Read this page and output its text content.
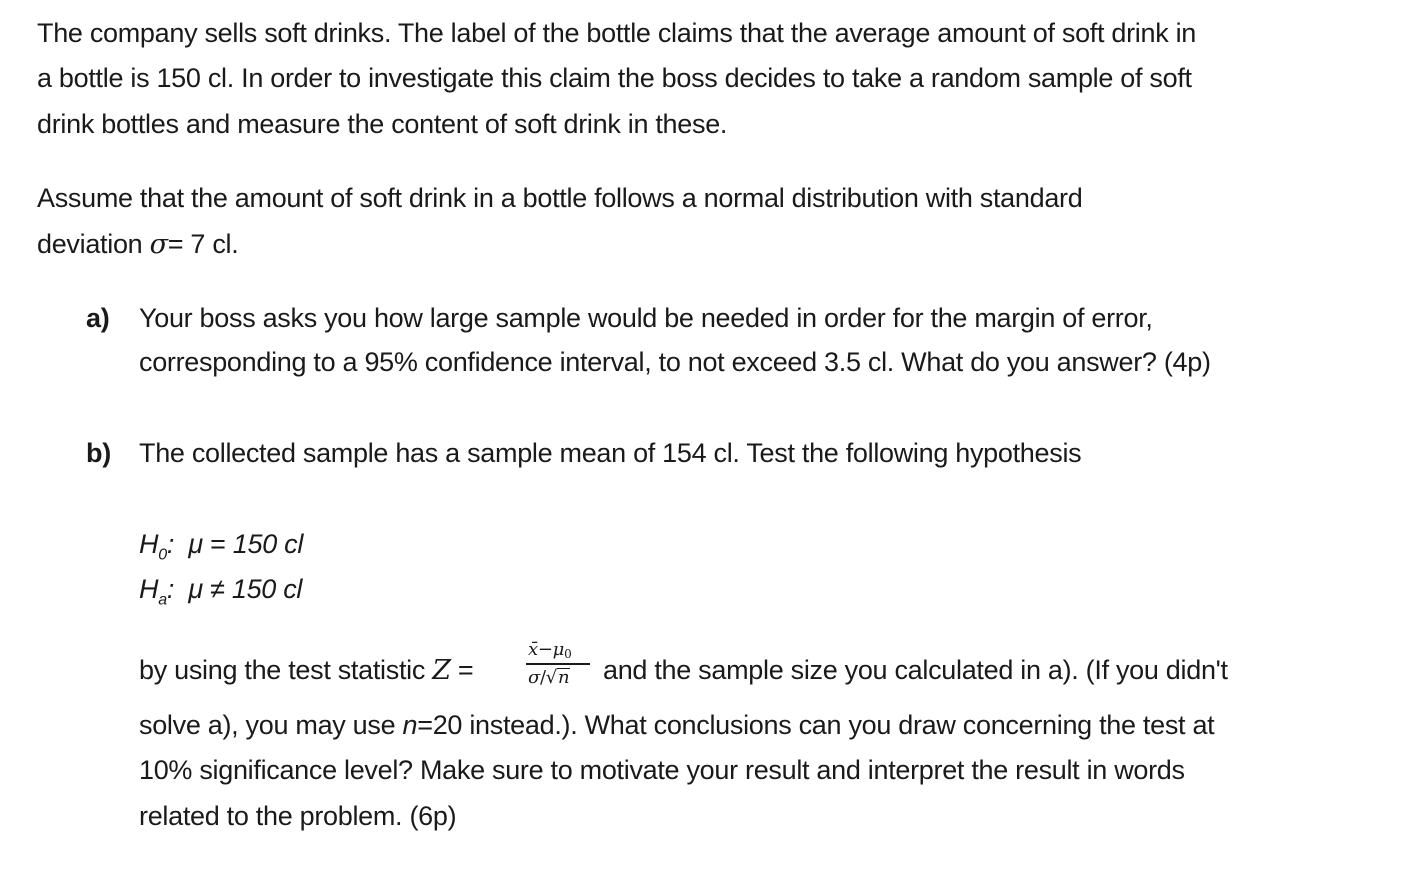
The company sells soft drinks. The label of the bottle claims that the average amount of soft drink in
a bottle is 150 cl. In order to investigate this claim the boss decides to take a random sample of soft
drink bottles and measure the content of soft drink in these.
Assume that the amount of soft drink in a bottle follows a normal distribution with standard
deviation σ= 7 cl.
a) Your boss asks you how large sample would be needed in order for the margin of error,
corresponding to a 95% confidence interval, to not exceed 3.5 cl. What do you answer? (4p)
b) The collected sample has a sample mean of 154 cl. Test the following hypothesis
$H_0$: μ = 150 cl
$H_a$: μ ≠ 150 cl
by using the test statistic Z =
x̄−μ0
σ/√n and the sample size you calculated in a). (If you didn't
solve a), you may use n=20 instead.). What conclusions can you draw concerning the test at
10% significance level? Make sure to motivate your result and interpret the result in words
related to the problem. (6p)
